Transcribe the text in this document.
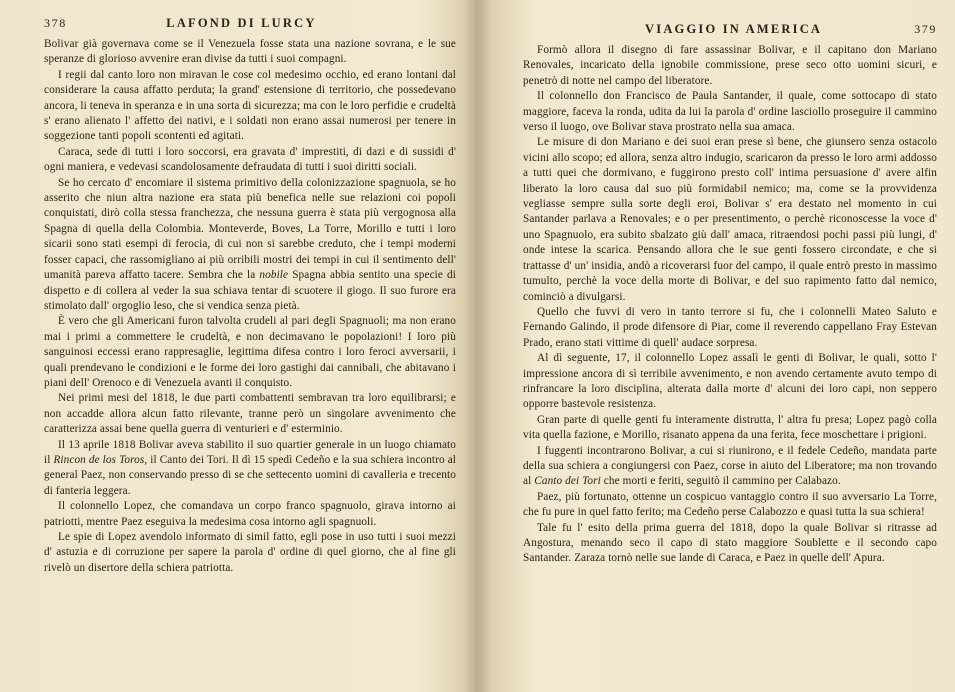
378	LAFOND DI LURCY

Bolivar già governava come se il Venezuela fosse stata una nazione sovrana, e le sue speranze di glorioso avvenire eran divise da tutti i suoi compagni.

I regii dal canto loro non miravan le cose col medesimo occhio, ed erano lontani dal considerare la causa affatto perduta; la grand' estensione di territorio, che possedevano ancora, li teneva in speranza e in una sorta di sicurezza; ma con le loro perfidie e crudeltà s' erano alienato l' affetto dei nativi, e i soldati non erano assai numerosi per tenere in soggezione tanti popoli scontenti ed agitati.

Caraca, sede di tutti i loro soccorsi, era gravata d' imprestiti, di dazi e di sussidi d' ogni maniera, e vedevasi scandolosamente defraudata di tutti i suoi diritti sociali.

Se ho cercato d' encomiare il sistema primitivo della colonizzazione spagnuola, se ho asserito che niun altra nazione era stata più benefica nelle sue relazioni coi popoli conquistati, dirò colla stessa franchezza, che nessuna guerra è stata più vergognosa alla Spagna di quella della Colombia. Monteverde, Boves, La Torre, Morillo e tutti i loro sicarii sono stati esempi di ferocia, di cui non si sarebbe creduto, che i tempi moderni fosser capaci, che rassomigliano ai più orribili mostri dei tempi in cui il sentimento dell' umanità pareva affatto tacere. Sembra che la nobile Spagna abbia sentito una specie di dispetto e di collera al veder la sua schiava tentar di scuotere il giogo. Il suo furore era stimolato dall' orgoglio leso, che si vendica senza pietà.

È vero che gli Americani furon talvolta crudeli al pari degli Spagnuoli; ma non erano mai i primi a commettere le crudeltà, e non decimavano le popolazioni! I loro più sanguinosi eccessi erano rappresaglie, legittima difesa contro i loro feroci avversarii, i quali prendevano le condizioni e le forme dei loro gastighi dai cannibali, che abitavano i piani dell' Orenoco e di Venezuela avanti il conquisto.

Nei primi mesi del 1818, le due parti combattenti sembravan tra loro equilibrarsi; e non accadde allora alcun fatto rilevante, tranne però un singolare avvenimento che caratterizza assai bene quella guerra di venturieri e d' esterminio.

Il 13 aprile 1818 Bolivar aveva stabilito il suo quartier generale in un luogo chiamato il Rincon de los Toros, il Canto dei Tori. Il dì 15 spedì Cedeño e la sua schiera incontro al general Paez, non conservando presso di se che settecento uomini di cavalleria e trecento di fanteria leggera.

Il colonnello Lopez, che comandava un corpo franco spagnuolo, girava intorno ai patriotti, mentre Paez eseguiva la medesima cosa intorno agli spagnuoli.

Le spie di Lopez avendolo informato di simil fatto, egli pose in uso tutti i suoi mezzi d' astuzia e di corruzione per sapere la parola d' ordine di quel giorno, che al fine gli rivelò un disertore della schiera patriotta.

VIAGGIO IN AMERICA	379

Formò allora il disegno di fare assassinar Bolivar, e il capitano don Mariano Renovales, incaricato della ignobile commissione, prese seco otto uomini sicuri, e penetrò di notte nel campo del liberatore.

Il colonnello don Francisco de Paula Santander, il quale, come sottocapo di stato maggiore, faceva la ronda, udita da lui la parola d' ordine lasciollo proseguire il cammino verso il luogo, ove Bolivar stava prostrato nella sua amaca.

Le misure di don Mariano e dei suoi eran prese sì bene, che giunsero senza ostacolo vicini allo scopo; ed allora, senza altro indugio, scaricaron da presso le loro armi addosso a tutti quei che dormivano, e fuggirono presto coll' intima persuasione d' avere alfin liberato la loro causa dal suo più formidabil nemico; ma, come se la provvidenza vegliasse sempre sulla sorte degli eroi, Bolivar s' era destato nel momento in cui Santander parlava a Renovales; e o per presentimento, o perchè riconoscesse la voce d' uno Spagnuolo, era subito sbalzato giù dall' amaca, ritraendosi pochi passi più lungi, d' onde intese la scarica. Pensando allora che le sue genti fossero circondate, e che si trattasse d' un' insidia, andò a ricoverarsi fuor del campo, il quale entrò presto in massimo tumulto, perchè la voce della morte di Bolivar, e del suo rapimento fatto dal nemico, cominciò a divulgarsi.

Quello che fuvvi di vero in tanto terrore si fu, che i colonnelli Mateo Saluto e Fernando Galindo, il prode difensore di Piar, come il reverendo cappellano Fray Estevan Prado, erano stati vittime di quell' audace sorpresa.

Al dì seguente, 17, il colonnello Lopez assalì le genti di Bolivar, le quali, sotto l' impressione ancora di sì terribile avvenimento, e non avendo certamente avuto tempo di rinfrancare la loro disciplina, alterata dalla morte d' alcuni dei loro capi, non seppero opporre bastevole resistenza.

Gran parte di quelle genti fu interamente distrutta, l' altra fu presa; Lopez pagò colla vita quella fazione, e Morillo, risanato appena da una ferita, fece moschettare i prigioni.

I fuggenti incontrarono Bolivar, a cui si riunirono, e il fedele Cedeño, mandata parte della sua schiera a congiungersi con Paez, corse in aiuto del Liberatore; ma non trovando al Canto dei Tori che morti e feriti, seguitò il cammino per Calabazo.

Paez, più fortunato, ottenne un cospicuo vantaggio contro il suo avversario La Torre, che fu pure in quel fatto ferito; ma Cedeño perse Calabozzo e quasi tutta la sua schiera!

Tale fu l' esito della prima guerra del 1818, dopo la quale Bolivar si ritrasse ad Angostura, menando seco il capo di stato maggiore Soublette e il secondo capo Santander. Zaraza tornò nelle sue lande di Caraca, e Paez in quelle dell' Apura.
